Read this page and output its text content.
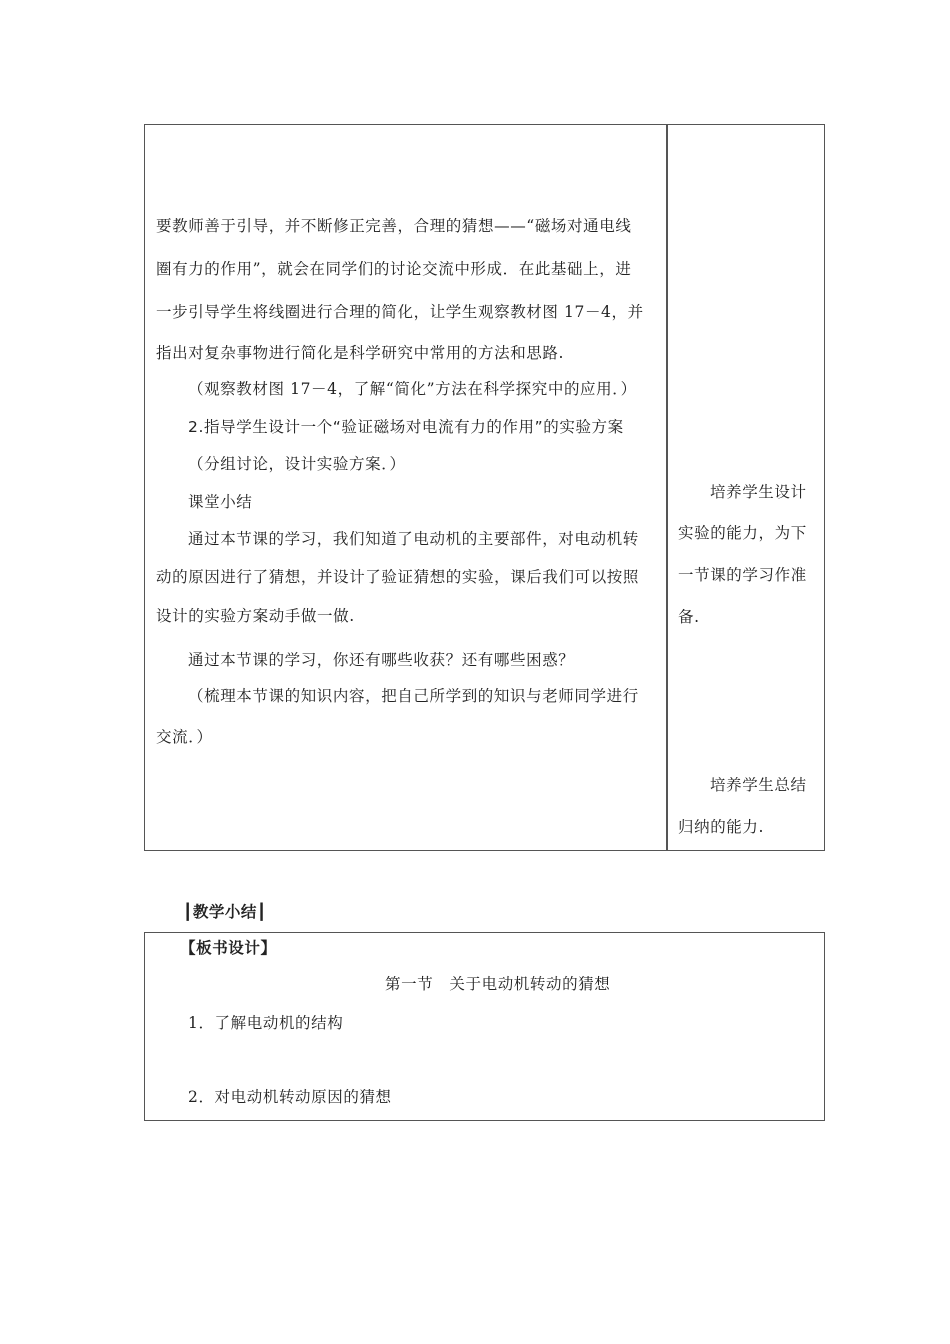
要教师善于引导，并不断修正完善，合理的猜想——“磁场对通电线
圈有力的作用”，就会在同学们的讨论交流中形成．在此基础上，进
一步引导学生将线圈进行合理的简化，让学生观察教材图 17－4，并
指出对复杂事物进行简化是科学研究中常用的方法和思路.
（观察教材图 17－4，了解“简化”方法在科学探究中的应用．）
2.指导学生设计一个“验证磁场对电流有力的作用”的实验方案
（分组讨论，设计实验方案．）
课堂小结
通过本节课的学习，我们知道了电动机的主要部件，对电动机转
动的原因进行了猜想，并设计了验证猜想的实验，课后我们可以按照
设计的实验方案动手做一做.
通过本节课的学习，你还有哪些收获？还有哪些困惑？
（梳理本节课的知识内容，把自己所学到的知识与老师同学进行
交流．）
培养学生设计
实验的能力，为下
一节课的学习作准
备.
培养学生总结
归纳的能力.
┃教学小结┃
【板书设计】
第一节　关于电动机转动的猜想
1．了解电动机的结构
2．对电动机转动原因的猜想
